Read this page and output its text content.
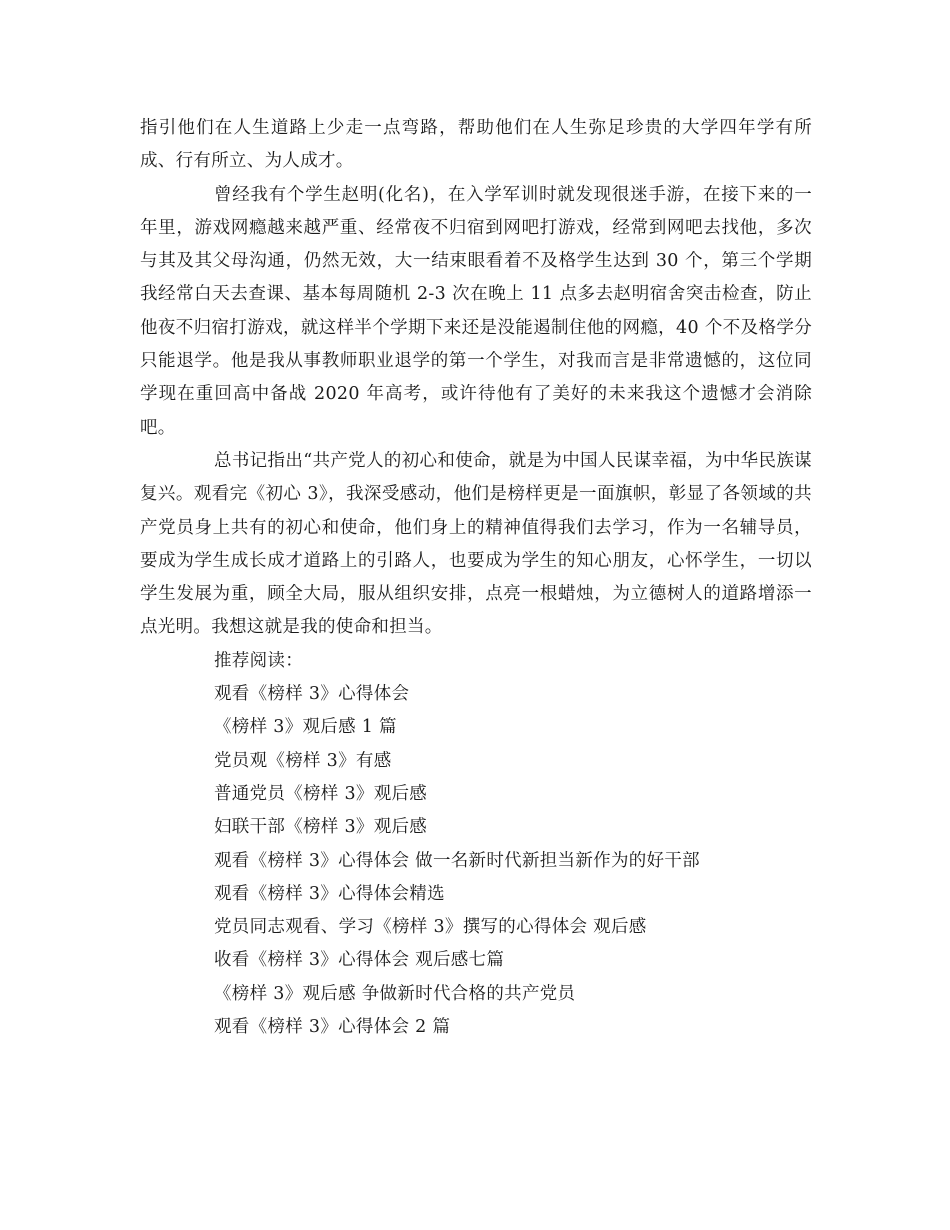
指引他们在人生道路上少走一点弯路，帮助他们在人生弥足珍贵的大学四年学有所成、行有所立、为人成才。

曾经我有个学生赵明(化名)，在入学军训时就发现很迷手游，在接下来的一年里，游戏网瘾越来越严重、经常夜不归宿到网吧打游戏，经常到网吧去找他，多次与其及其父母沟通，仍然无效，大一结束眼看着不及格学生达到 30 个，第三个学期我经常白天去查课、基本每周随机 2-3 次在晚上 11 点多去赵明宿舍突击检查，防止他夜不归宿打游戏，就这样半个学期下来还是没能遏制住他的网瘾，40 个不及格学分只能退学。他是我从事教师职业退学的第一个学生，对我而言是非常遗憾的，这位同学现在重回高中备战 2020 年高考，或许待他有了美好的未来我这个遗憾才会消除吧。

总书记指出“共产党人的初心和使命，就是为中国人民谋幸福，为中华民族谋复兴。观看完《初心 3》，我深受感动，他们是榜样更是一面旗帜，彰显了各领域的共产党员身上共有的初心和使命，他们身上的精神值得我们去学习，作为一名辅导员，要成为学生成长成才道路上的引路人，也要成为学生的知心朋友，心怀学生，一切以学生发展为重，顾全大局，服从组织安排，点亮一根蜡烛，为立德树人的道路增添一点光明。我想这就是我的使命和担当。

推荐阅读：
观看《榜样 3》心得体会
《榜样 3》观后感 1 篇
党员观《榜样 3》有感
普通党员《榜样 3》观后感
妇联干部《榜样 3》观后感
观看《榜样 3》心得体会 做一名新时代新担当新作为的好干部
观看《榜样 3》心得体会精选
党员同志观看、学习《榜样 3》撰写的心得体会 观后感
收看《榜样 3》心得体会 观后感七篇
《榜样 3》观后感 争做新时代合格的共产党员
观看《榜样 3》心得体会 2 篇
